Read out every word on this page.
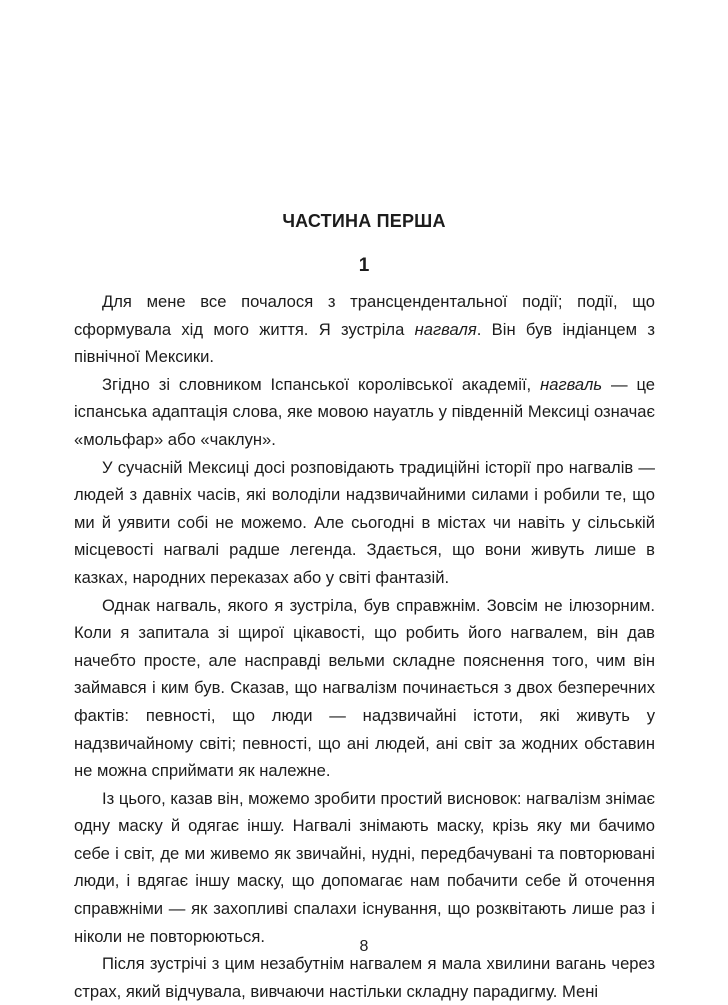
ЧАСТИНА ПЕРША
1

Для мене все почалося з трансцендентальної події; події, що сформувала хід мого життя. Я зустріла нагваля. Він був індіанцем з північної Мексики.

Згідно зі словником Іспанської королівської академії, нагваль — це іспанська адаптація слова, яке мовою науатль у південній Мексиці означає «мольфар» або «чаклун».

У сучасній Мексиці досі розповідають традиційні історії про нагвалів — людей з давніх часів, які володіли надзвичайними силами і робили те, що ми й уявити собі не можемо. Але сьогодні в містах чи навіть у сільській місцевості нагвалі радше легенда. Здається, що вони живуть лише в казках, народних переказах або у світі фантазій.

Однак нагваль, якого я зустріла, був справжнім. Зовсім не ілюзорним. Коли я запитала зі щирої цікавості, що робить його нагвалем, він дав начебто просте, але насправді вельми складне пояснення того, чим він займався і ким був. Сказав, що нагвалізм починається з двох безперечних фактів: певності, що люди — надзвичайні істоти, які живуть у надзвичайному світі; певності, що ані людей, ані світ за жодних обставин не можна сприймати як належне.

Із цього, казав він, можемо зробити простий висновок: нагвалізм знімає одну маску й одягає іншу. Нагвалі знімають маску, крізь яку ми бачимо себе і світ, де ми живемо як звичайні, нудні, передбачувані та повторювані люди, і вдягає іншу маску, що допомагає нам побачити себе й оточення справжніми — як захопливі спалахи існування, що розквітають лише раз і ніколи не повторюються.

Після зустрічі з цим незабутнім нагвалем я мала хвилини вагань через страх, який відчувала, вивчаючи настільки складну парадигму. Мені

8
